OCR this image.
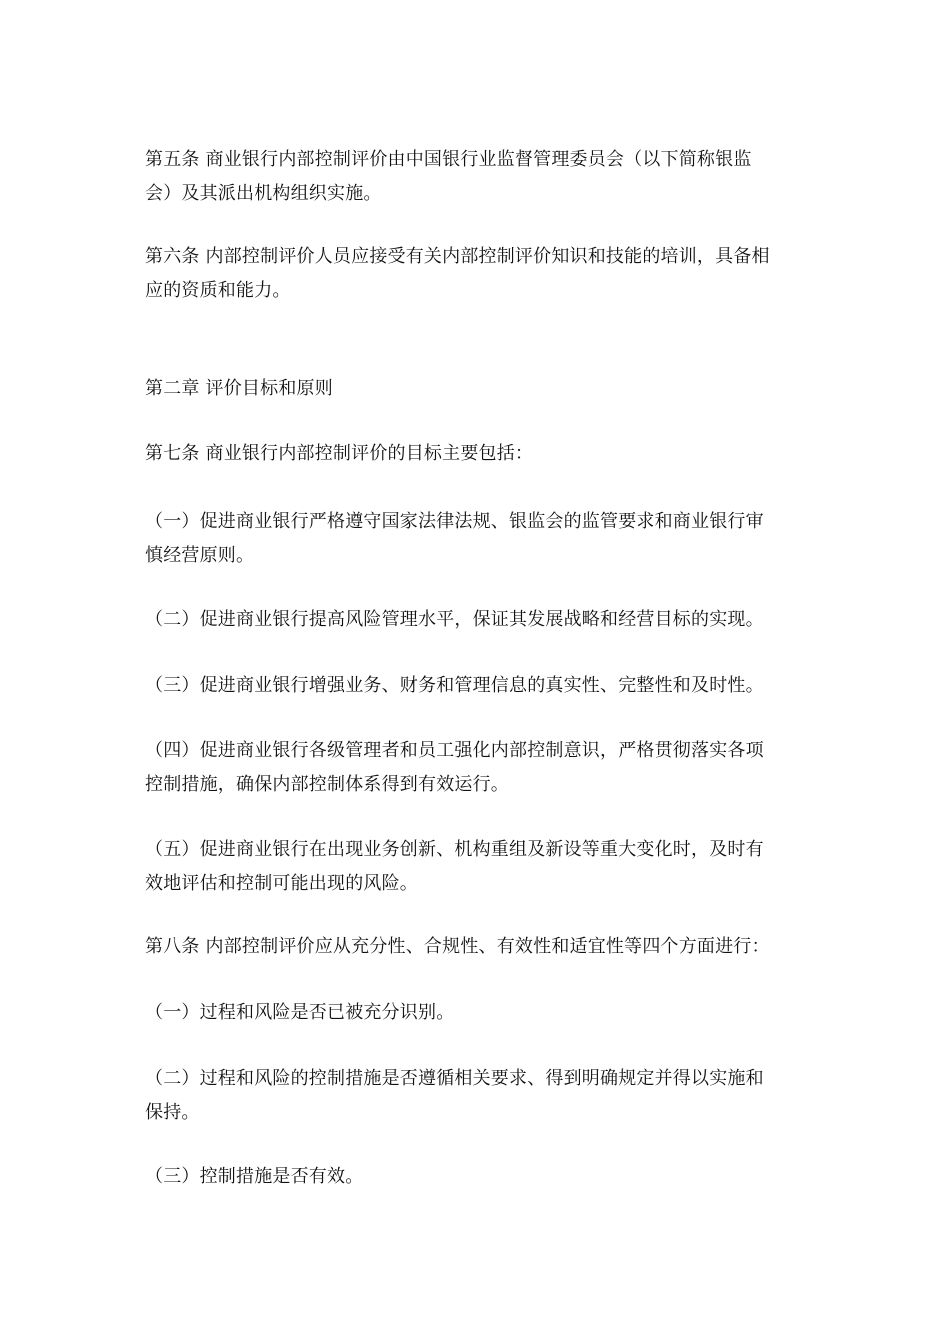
第五条 商业银行内部控制评价由中国银行业监督管理委员会（以下简称银监
会）及其派出机构组织实施。

第六条 内部控制评价人员应接受有关内部控制评价知识和技能的培训，具备相
应的资质和能力。

第二章 评价目标和原则

第七条 商业银行内部控制评价的目标主要包括：

（一）促进商业银行严格遵守国家法律法规、银监会的监管要求和商业银行审
慎经营原则。

（二）促进商业银行提高风险管理水平，保证其发展战略和经营目标的实现。

（三）促进商业银行增强业务、财务和管理信息的真实性、完整性和及时性。

（四）促进商业银行各级管理者和员工强化内部控制意识，严格贯彻落实各项
控制措施，确保内部控制体系得到有效运行。

（五）促进商业银行在出现业务创新、机构重组及新设等重大变化时，及时有
效地评估和控制可能出现的风险。

第八条 内部控制评价应从充分性、合规性、有效性和适宜性等四个方面进行：

（一）过程和风险是否已被充分识别。

（二）过程和风险的控制措施是否遵循相关要求、得到明确规定并得以实施和
保持。

（三）控制措施是否有效。
